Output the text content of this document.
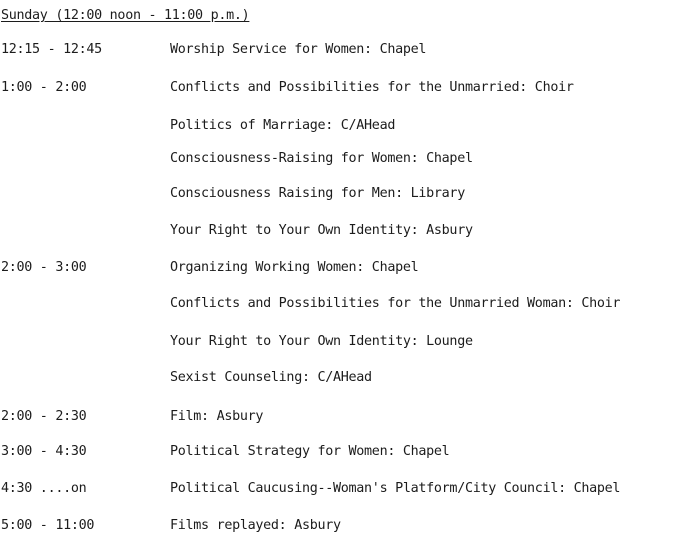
Sunday (12:00 noon - 11:00 p.m.)
12:15 - 12:45	Worship Service for Women: Chapel
1:00 - 2:00	Conflicts and Possibilities for the Unmarried: Choir
Politics of Marriage: C/AHead
Consciousness-Raising for Women: Chapel
Consciousness Raising for Men: Library
Your Right to Your Own Identity: Asbury
2:00 - 3:00	Organizing Working Women: Chapel
Conflicts and Possibilities for the Unmarried Woman: Choir
Your Right to Your Own Identity: Lounge
Sexist Counseling: C/AHead
2:00 - 2:30	Film: Asbury
3:00 - 4:30	Political Strategy for Women: Chapel
4:30 ....on	Political Caucusing--Woman's Platform/City Council: Chapel
5:00 - 11:00	Films replayed: Asbury
